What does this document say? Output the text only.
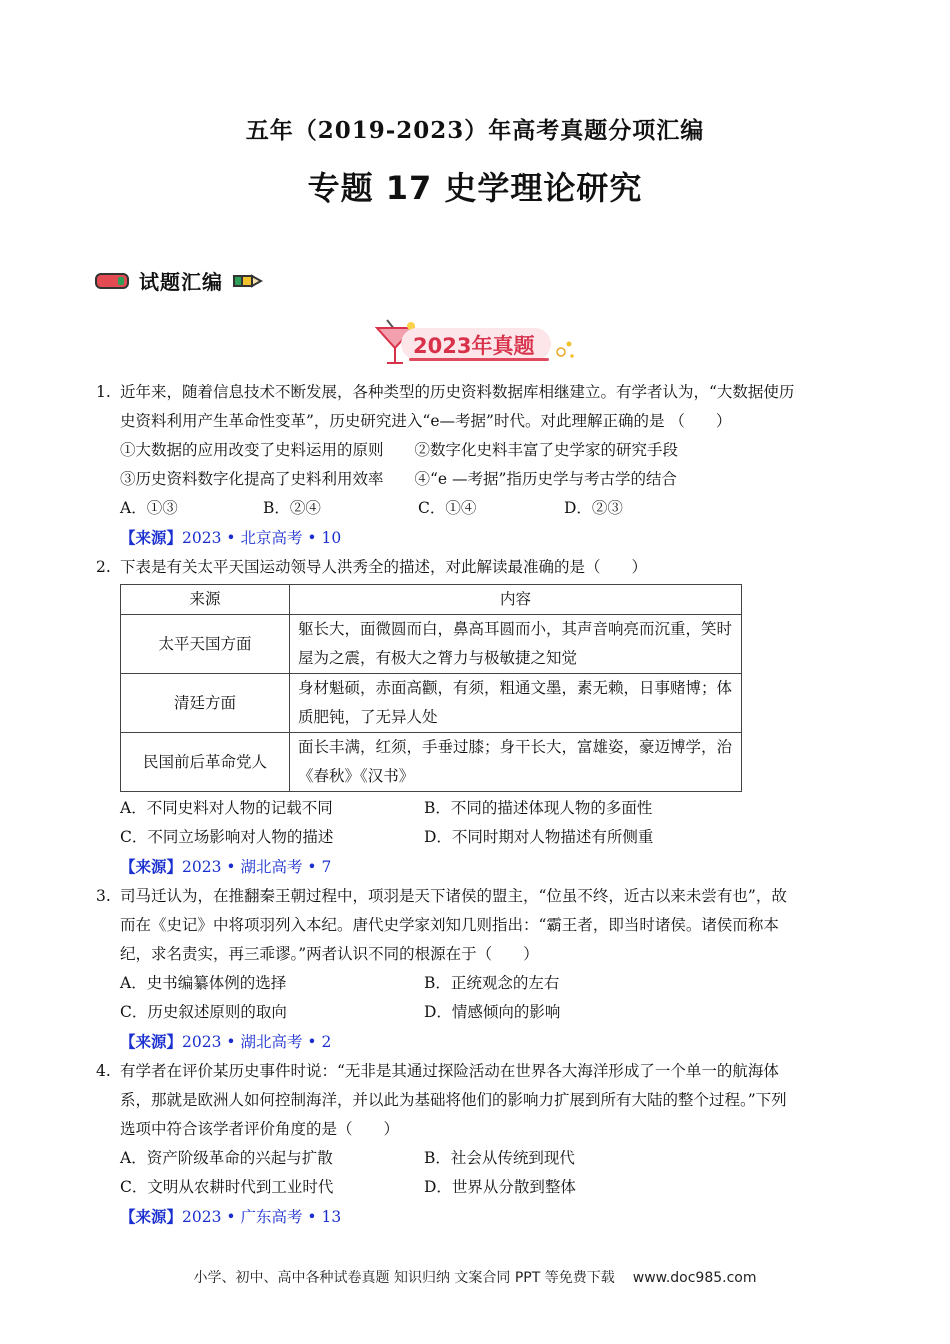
五年（2019-2023）年高考真题分项汇编
专题 17 史学理论研究
试题汇编
2023年真题
1. 近年来，随着信息技术不断发展，各种类型的历史资料数据库相继建立。有学者认为，“大数据使历

史资料利用产生革命性变革”，历史研究进入“e—考据”时代。对此理解正确的是 （　　）

①大数据的应用改变了史料运用的原则　　②数字化史料丰富了史学家的研究手段

③历史资料数字化提高了史料利用效率　　④“e —考据”指历史学与考古学的结合

A．①③	B．②④	C．①④	D．②③

【来源】2023 • 北京高考 • 10

2. 下表是有关太平天国运动领导人洪秀全的描述，对此解读最准确的是（　　）

来源	内容
太平天国方面	躯长大，面微圆而白，鼻高耳圆而小，其声音响亮而沉重，笑时屋为之震，有极大之膂力与极敏捷之知觉
清廷方面	身材魁硕，赤面高颧，有须，粗通文墨，素无赖，日事赌博；体质肥钝，了无异人处
民国前后革命党人	面长丰满，红须，手垂过膝；身干长大，富雄姿，豪迈博学，治《春秋》《汉书》
A．不同史料对人物的记载不同	B．不同的描述体现人物的多面性
C．不同立场影响对人物的描述	D．不同时期对人物描述有所侧重

【来源】2023 • 湖北高考 • 7

3. 司马迁认为，在推翻秦王朝过程中，项羽是天下诸侯的盟主，“位虽不终，近古以来未尝有也”，故

而在《史记》中将项羽列入本纪。唐代史学家刘知几则指出：“霸王者，即当时诸侯。诸侯而称本

纪，求名责实，再三乖谬。”两者认识不同的根源在于（　　）

A．史书编纂体例的选择	B．正统观念的左右
C．历史叙述原则的取向	D．情感倾向的影响

【来源】2023 • 湖北高考 • 2

4. 有学者在评价某历史事件时说：“无非是其通过探险活动在世界各大海洋形成了一个单一的航海体

系，那就是欧洲人如何控制海洋，并以此为基础将他们的影响力扩展到所有大陆的整个过程。”下列

选项中符合该学者评价角度的是（　　）

A．资产阶级革命的兴起与扩散	B．社会从传统到现代
C．文明从农耕时代到工业时代	D．世界从分散到整体

【来源】2023 • 广东高考 • 13

小学、初中、高中各种试卷真题 知识归纳 文案合同 PPT 等免费下载 www.doc985.com
